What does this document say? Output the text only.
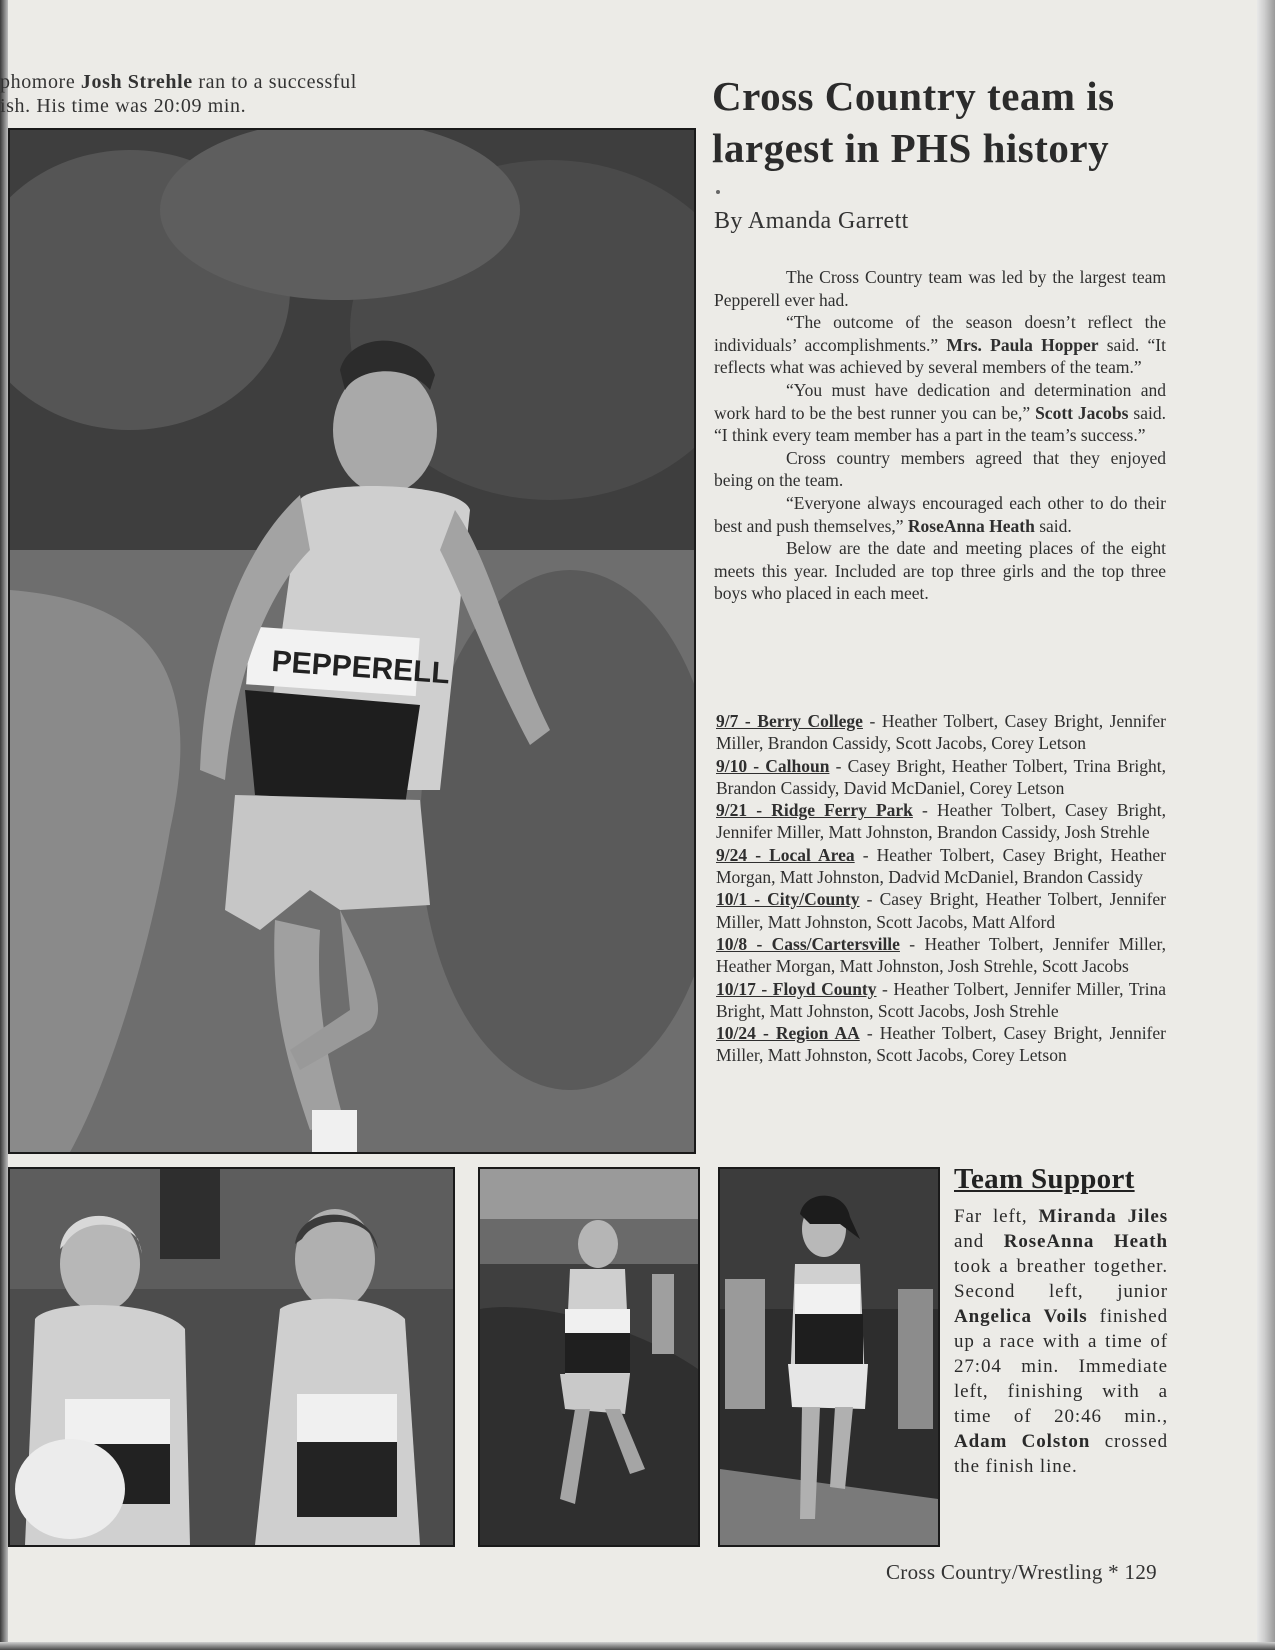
phomore Josh Strehle ran to a successful
ish. His time was 20:09 min.
PEPPERELL
Cross Country team is largest in PHS history
By Amanda Garrett

The Cross Country team was led by the largest team Pepperell ever had.

“The outcome of the season doesn’t reflect the individuals’ accomplishments.” Mrs. Paula Hopper said. “It reflects what was achieved by several members of the team.”

“You must have dedication and determination and work hard to be the best runner you can be,” Scott Jacobs said. “I think every team member has a part in the team’s success.”

Cross country members agreed that they enjoyed being on the team.

“Everyone always encouraged each other to do their best and push themselves,” RoseAnna Heath said.

Below are the date and meeting places of the eight meets this year. Included are top three girls and the top three boys who placed in each meet.

9/7 - Berry College - Heather Tolbert, Casey Bright, Jennifer Miller, Brandon Cassidy, Scott Jacobs, Corey Letson

9/10 - Calhoun - Casey Bright, Heather Tolbert, Trina Bright, Brandon Cassidy, David McDaniel, Corey Letson

9/21 - Ridge Ferry Park - Heather Tolbert, Casey Bright, Jennifer Miller, Matt Johnston, Brandon Cassidy, Josh Strehle

9/24 - Local Area - Heather Tolbert, Casey Bright, Heather Morgan, Matt Johnston, Dadvid McDaniel, Brandon Cassidy

10/1 - City/County - Casey Bright, Heather Tolbert, Jennifer Miller, Matt Johnston, Scott Jacobs, Matt Alford

10/8 - Cass/Cartersville - Heather Tolbert, Jennifer Miller, Heather Morgan, Matt Johnston, Josh Strehle, Scott Jacobs

10/17 - Floyd County - Heather Tolbert, Jennifer Miller, Trina Bright, Matt Johnston, Scott Jacobs, Josh Strehle

10/24 - Region AA - Heather Tolbert, Casey Bright, Jennifer Miller, Matt Johnston, Scott Jacobs, Corey Letson

Team Support
Far left, Miranda Jiles and RoseAnna Heath took a breather together. Second left, junior Angelica Voils finished up a race with a time of 27:04 min. Immediate left, finishing with a time of 20:46 min., Adam Colston crossed the finish line.
Cross Country/Wrestling * 129
